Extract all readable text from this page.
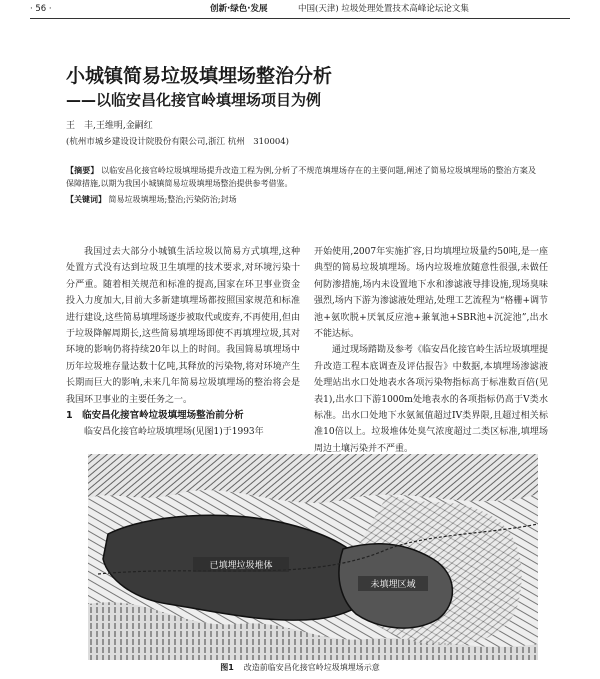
· 56 ·	创新·绿色·发展	中国(天津) 垃圾处理处置技术高峰论坛论文集
小城镇简易垃圾填埋场整治分析
——以临安昌化接官岭填埋场项目为例
王　丰,王维明,金嗣红
(杭州市城乡建设设计院股份有限公司,浙江 杭州　310004)
【摘要】 以临安昌化接官岭垃圾填埋场提升改造工程为例,分析了不规范填埋场存在的主要问题,阐述了简易垃圾填埋场的整治方案及保障措施,以期为我国小城镇简易垃圾填埋场整治提供参考借鉴。
【关键词】 简易垃圾填埋场;整治;污染防治;封场

我国过去大部分小城镇生活垃圾以简易方式填埋,这种处置方式没有达到垃圾卫生填埋的技术要求,对环境污染十分严重。随着相关规范和标准的提高,国家在环卫事业资金投入力度加大,目前大多新建填埋场都按照国家规范和标准进行建设,这些简易填埋场逐步被取代或废弃,不再使用,但由于垃圾降解周期长,这些简易填埋场即使不再填埋垃圾,其对环境的影响仍将持续20年以上的时间。我国简易填埋场中历年垃圾堆存量达数十亿吨,其释放的污染物,将对环境产生长期而巨大的影响,未来几年简易垃圾填埋场的整治将会是我国环卫事业的主要任务之一。

1　临安昌化接官岭垃圾填埋场整治前分析

临安昌化接官岭垃圾填埋场(见图1)于1993年

开始使用,2007年实施扩容,日均填埋垃圾量约50吨,是一座典型的简易垃圾填埋场。场内垃圾堆放随意性很强,未做任何防渗措施,场内未设置地下水和渗滤液导排设施,现场臭味强烈,场内下游为渗滤液处理站,处理工艺流程为“格栅+调节池+氨吹脱+厌氧反应池+兼氧池+SBR池+沉淀池”,出水不能达标。

通过现场踏勘及参考《临安昌化接官岭生活垃圾填埋提升改造工程本底调查及评估报告》中数据,本填埋场渗滤液处理站出水口处地表水各项污染物指标高于标准数百倍(见表1),出水口下游1000m处地表水的各项指标仍高于V类水标准。出水口处地下水氨氮值超过IV类界限,且超过相关标准10倍以上。垃圾堆体处臭气浓度超过二类区标准,填埋场周边土壤污染并不严重。

已填埋垃圾堆体
未填埋区域
图1 改造前临安昌化接官岭垃圾填埋场示意
